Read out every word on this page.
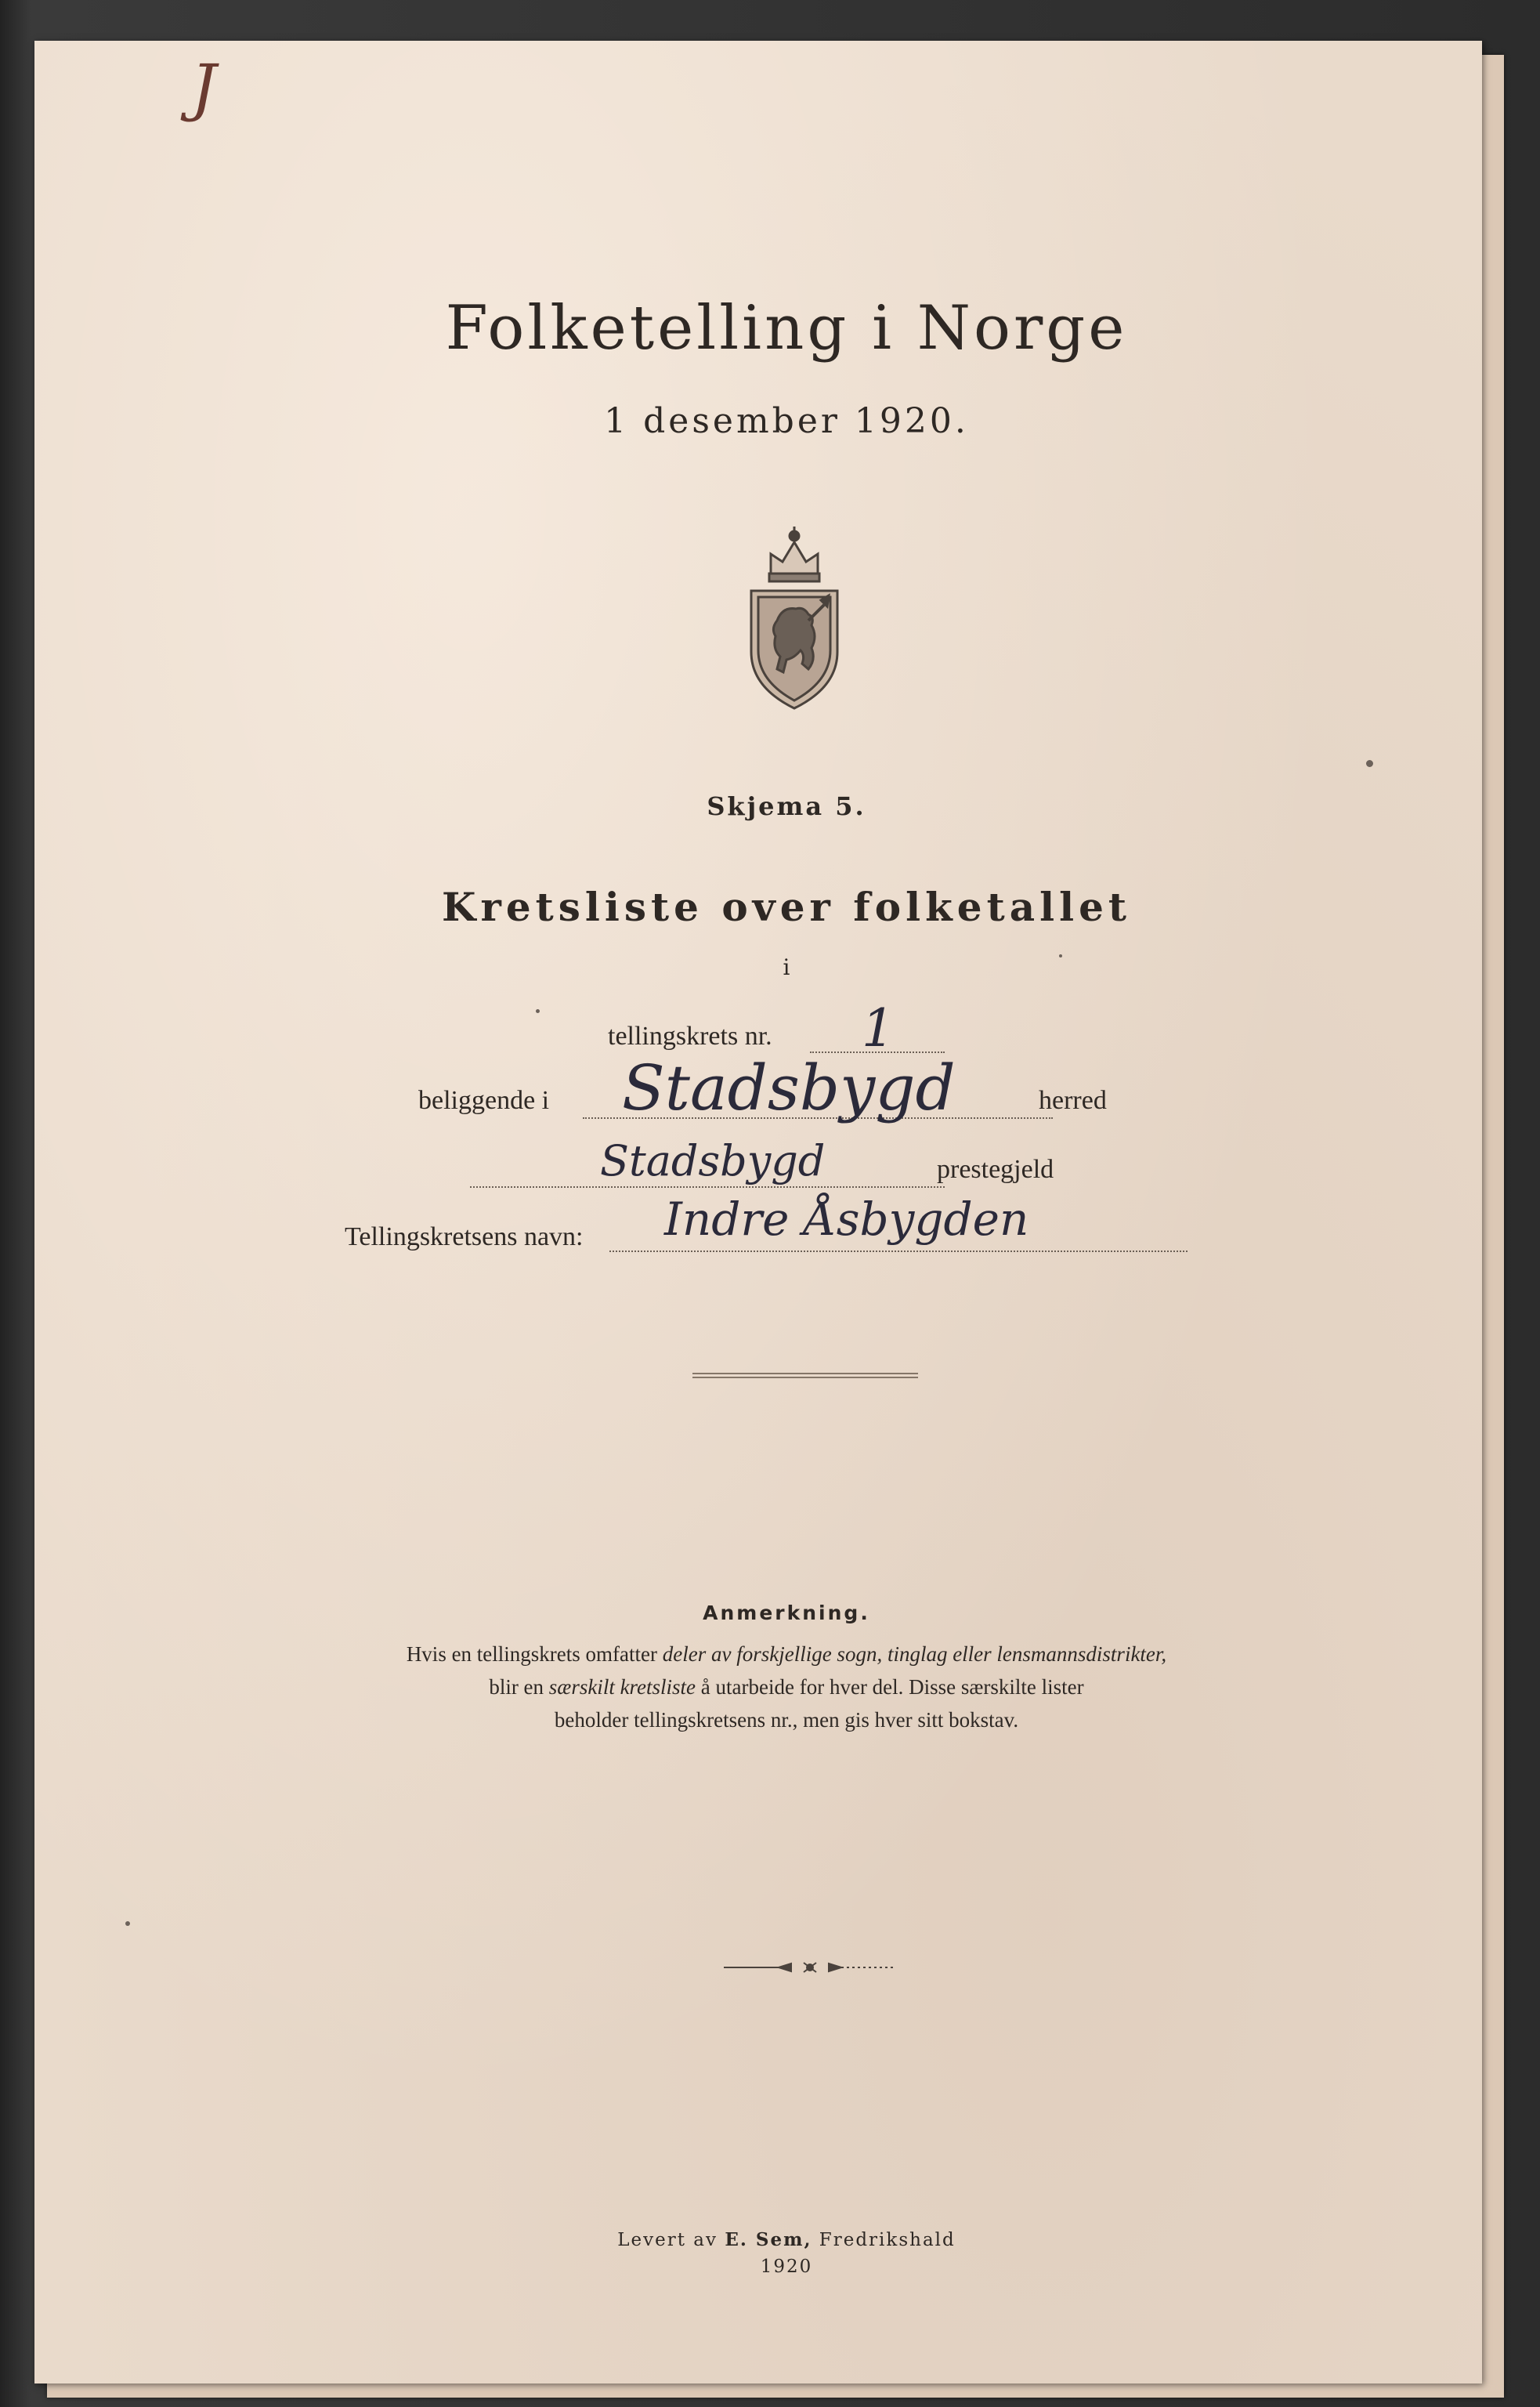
J
Folketelling i Norge
1 desember 1920.
Skjema 5.
Kretsliste over folketallet
i
tellingskrets nr. 1
beliggende i Stadsbygd	herred
Stadsbygd	prestegjeld
Tellingskretsens navn: Indre Åsbygden
Anmerkning.
Hvis en tellingskrets omfatter deler av forskjellige sogn, tinglag eller lensmannsdistrikter,
blir en særskilt kretsliste å utarbeide for hver del. Disse særskilte lister
beholder tellingskretsens nr., men gis hver sitt bokstav.
Levert av E. Sem, Fredrikshald
1920
